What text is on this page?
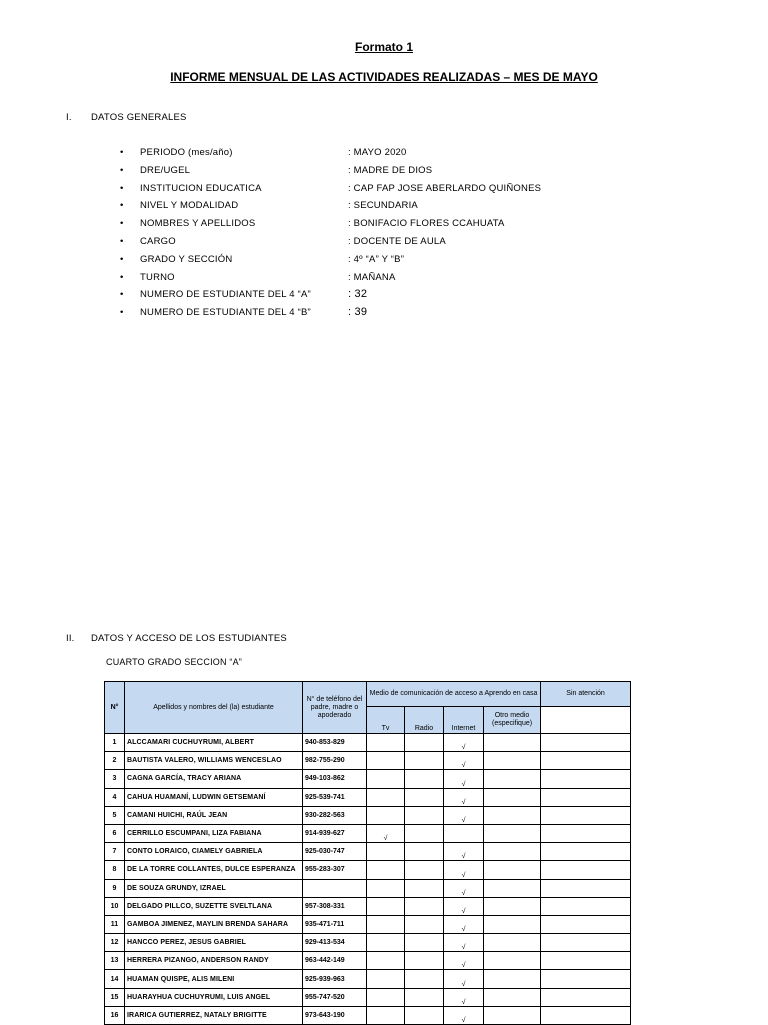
Formato 1
INFORME MENSUAL DE LAS ACTIVIDADES REALIZADAS – MES DE MAYO
I. DATOS GENERALES
• PERIODO (mes/año)	: MAYO 2020
• DRE/UGEL	: MADRE DE DIOS
• INSTITUCION EDUCATICA	: CAP FAP JOSE ABERLARDO QUIÑONES
• NIVEL Y MODALIDAD	: SECUNDARIA
• NOMBRES Y APELLIDOS	: BONIFACIO FLORES CCAHUATA
• CARGO	: DOCENTE DE AULA
• GRADO Y SECCIÓN	: 4º “A” Y “B”
• TURNO	: MAÑANA
• NUMERO DE ESTUDIANTE DEL 4 “A”	: 32
• NUMERO DE ESTUDIANTE DEL 4 “B”	: 39
II. DATOS Y ACCESO DE LOS ESTUDIANTES
CUARTO GRADO SECCION “A”
N°	Apellidos y nombres del (la) estudiante	N° de teléfono del padre, madre o apoderado	Medio de comunicación de acceso a Aprendo en casa				Sin atención
			Tv	Radio	Internet	Otro medio (especifique)	
1	ALCCAMARI CUCHUYRUMI, ALBERT	940-853-829			√		
2	BAUTISTA VALERO, WILLIAMS WENCESLAO	982-755-290			√		
3	CAGNA GARCÍA, TRACY ARIANA	949-103-862			√		
4	CAHUA HUAMANÍ, LUDWIN GETSEMANÍ	925-539-741			√		
5	CAMANI HUICHI, RAÚL JEAN	930-282-563			√		
6	CERRILLO ESCUMPANI, LIZA FABIANA	914-939-627	√				
7	CONTO LORAICO, CIAMELY GABRIELA	925-030-747			√		
8	DE LA TORRE COLLANTES, DULCE ESPERANZA	955-283-307			√		
9	DE SOUZA GRUNDY, IZRAEL				√		
10	DELGADO PILLCO, SUZETTE SVELTLANA	957-308-331			√		
11	GAMBOA JIMENEZ, MAYLIN BRENDA SAHARA	935-471-711			√		
12	HANCCO PEREZ, JESUS GABRIEL	929-413-534			√		
13	HERRERA PIZANGO, ANDERSON RANDY	963-442-149			√		
14	HUAMAN QUISPE, ALIS MILENI	925-939-963			√		
15	HUARAYHUA CUCHUYRUMI, LUIS ANGEL	955-747-520			√		
16	IRARICA GUTIERREZ, NATALY BRIGITTE	973-643-190			√		
